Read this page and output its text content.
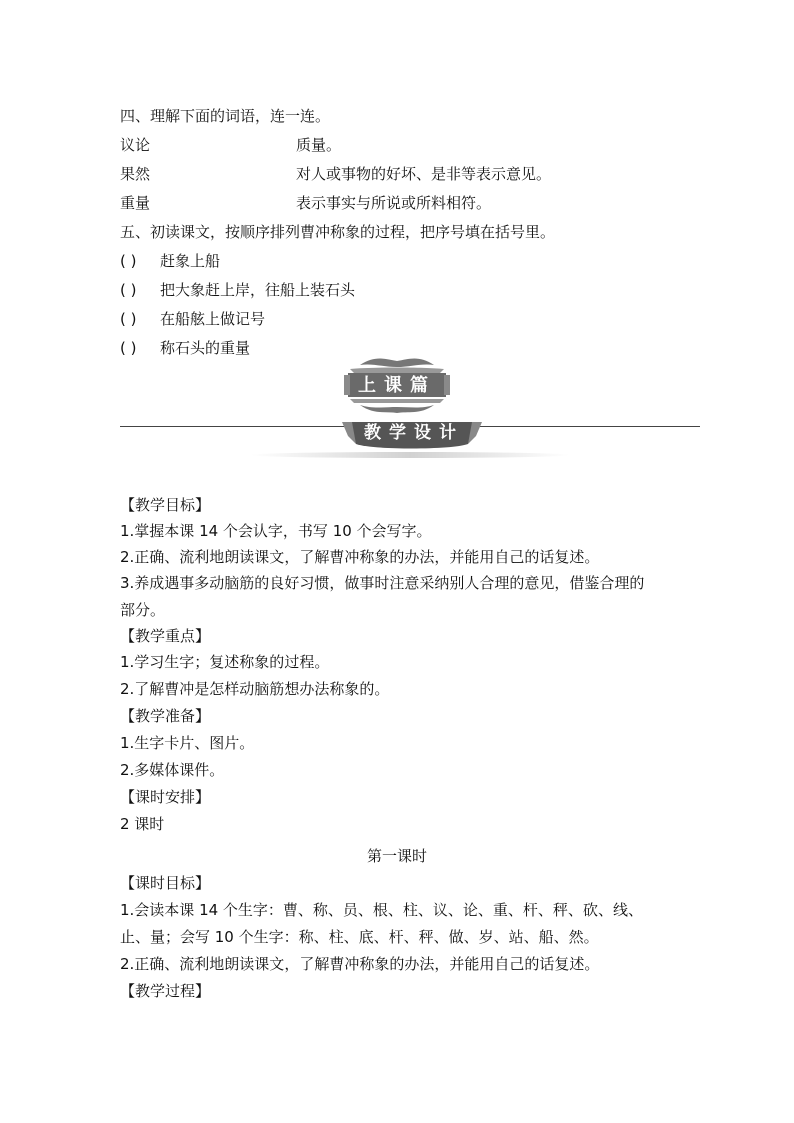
四、理解下面的词语，连一连。
议论	质量。
果然	对人或事物的好坏、是非等表示意见。
重量	表示事实与所说或所料相符。
五、初读课文，按顺序排列曹冲称象的过程，把序号填在括号里。
( ) 赶象上船
( ) 把大象赶上岸，往船上装石头
( ) 在船舷上做记号
( ) 称石头的重量
上课篇
教学设计
【教学目标】
1.掌握本课 14 个会认字，书写 10 个会写字。
2.正确、流利地朗读课文，了解曹冲称象的办法，并能用自己的话复述。
3.养成遇事多动脑筋的良好习惯，做事时注意采纳别人合理的意见，借鉴合理的
部分。
【教学重点】
1.学习生字；复述称象的过程。
2.了解曹冲是怎样动脑筋想办法称象的。
【教学准备】
1.生字卡片、图片。
2.多媒体课件。
【课时安排】
2 课时
第一课时
【课时目标】
1.会读本课 14 个生字：曹、称、员、根、柱、议、论、重、杆、秤、砍、线、
止、量；会写 10 个生字：称、柱、底、杆、秤、做、岁、站、船、然。
2.正确、流利地朗读课文，了解曹冲称象的办法，并能用自己的话复述。
【教学过程】
